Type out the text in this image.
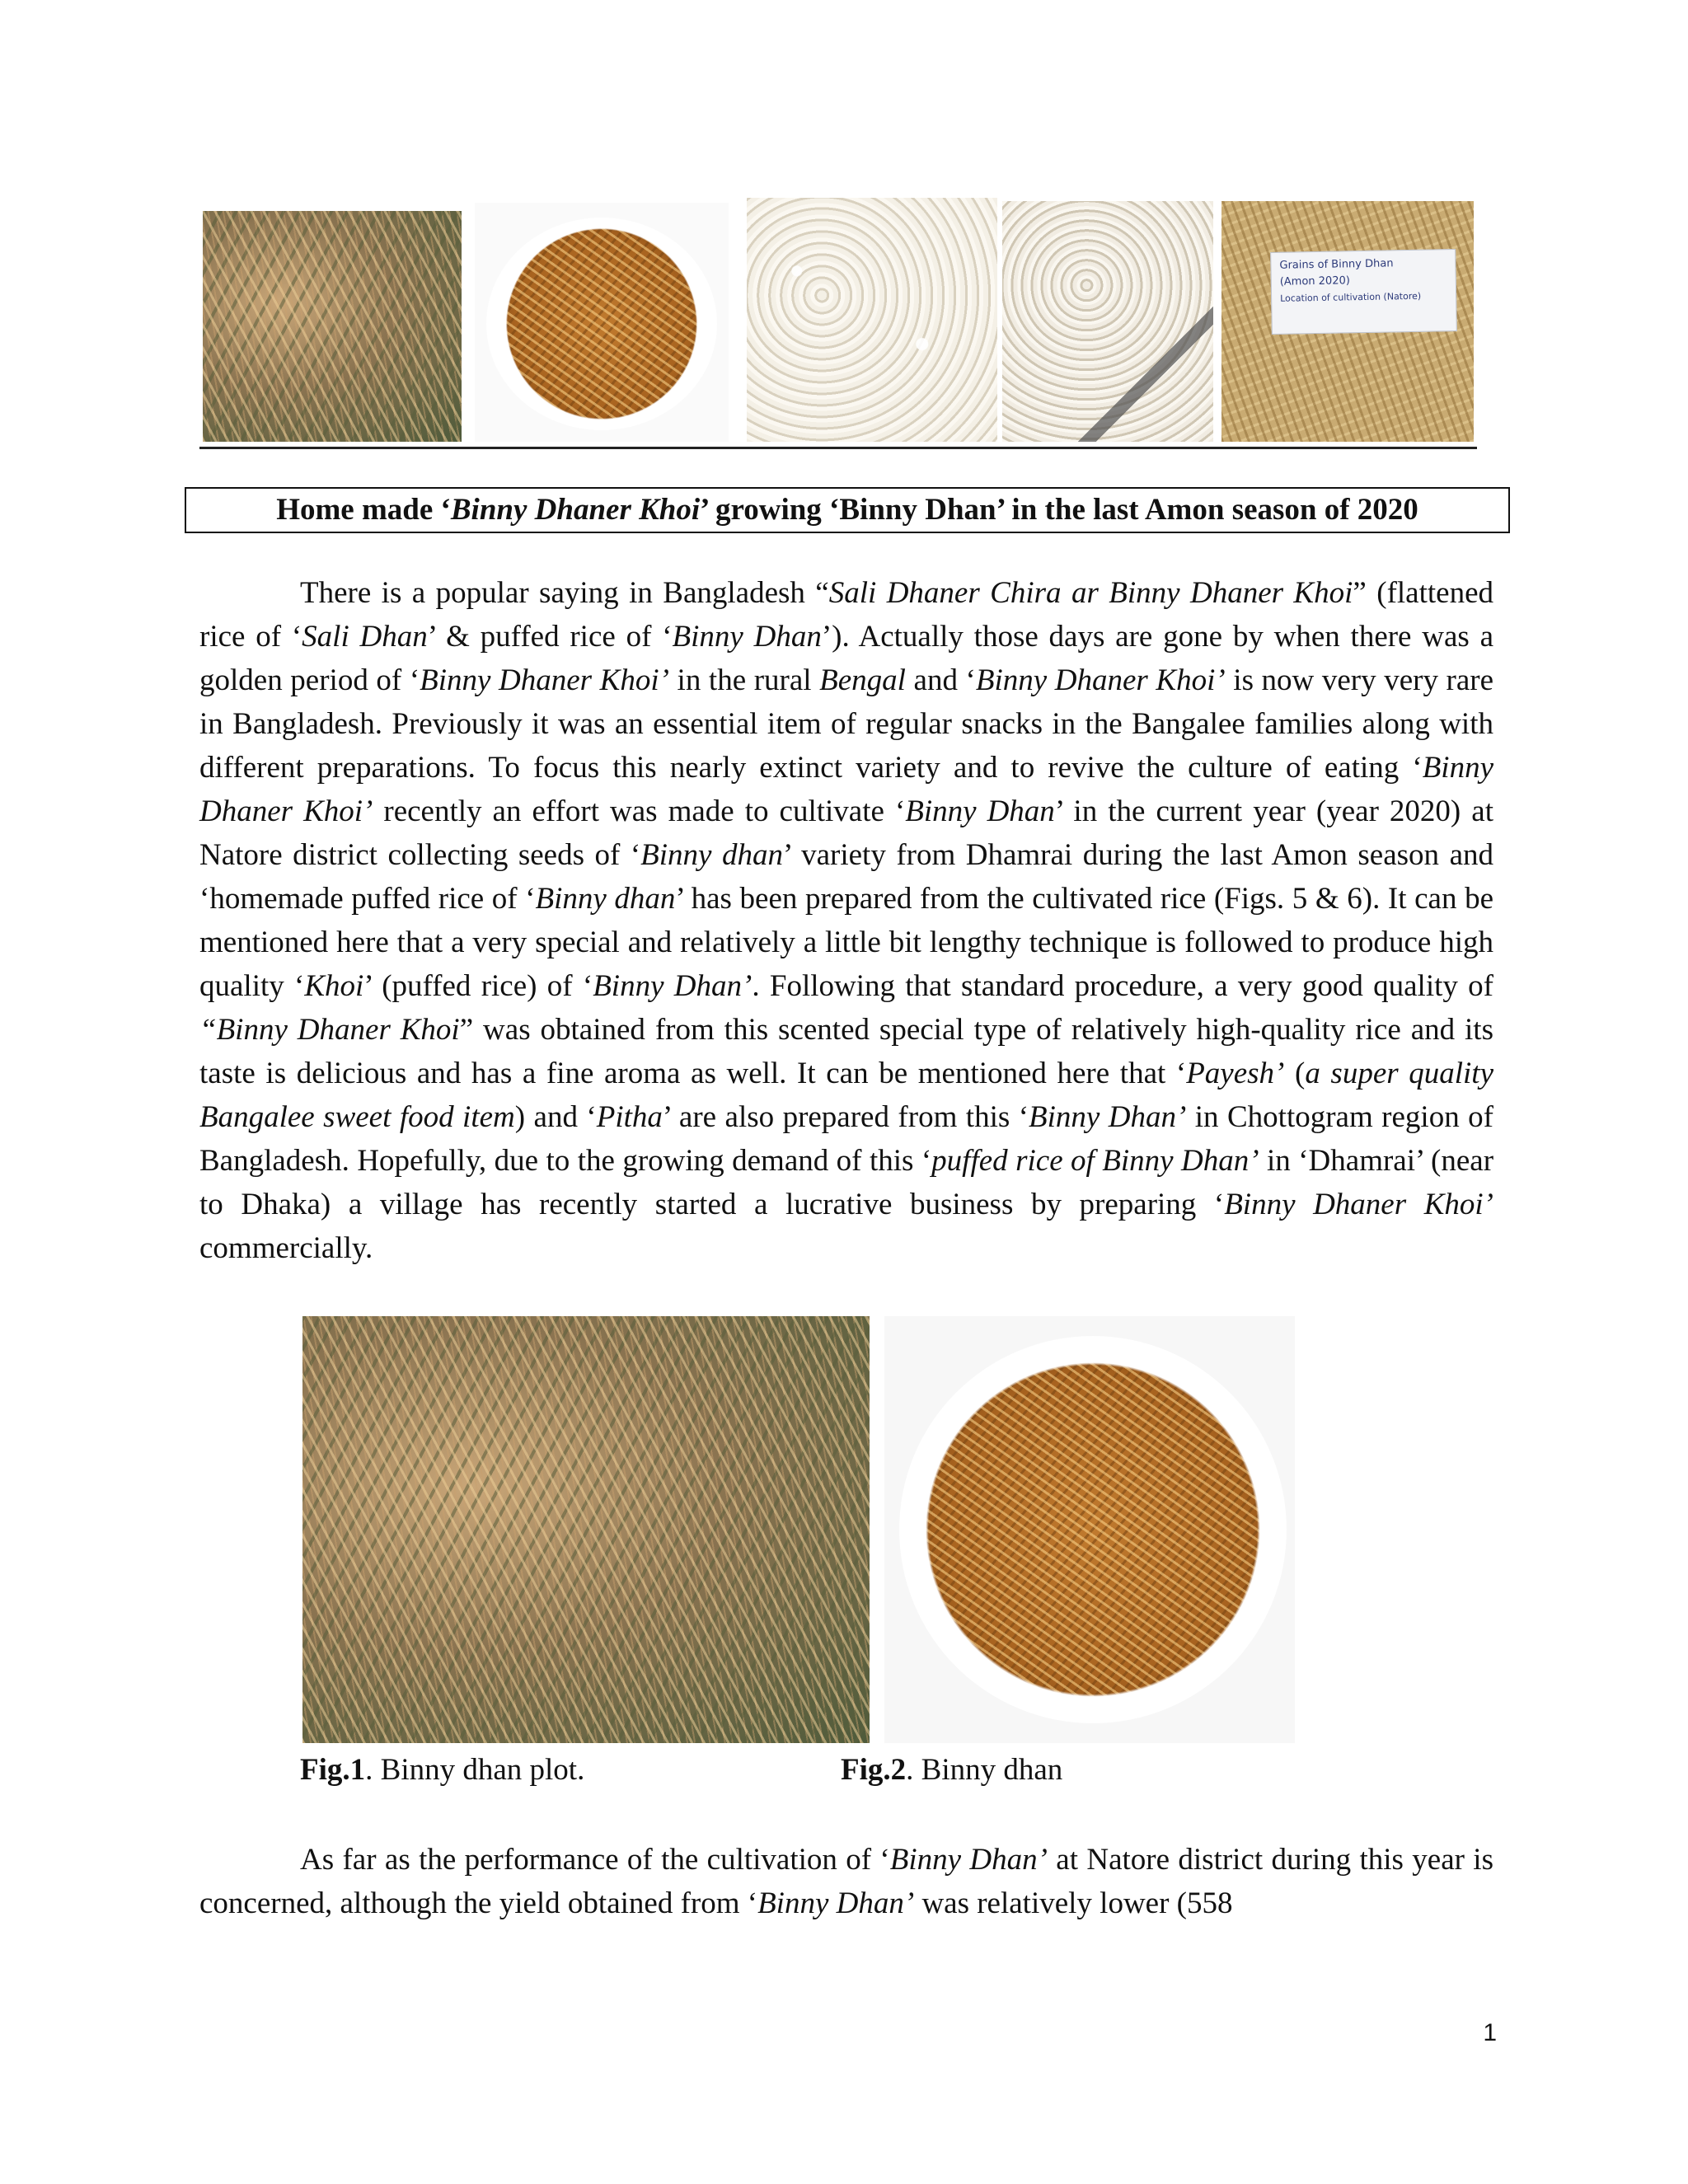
Grains of Binny Dhan
(Amon 2020)
Location of cultivation (Natore)
Home made ‘Binny Dhaner Khoi’ growing ‘Binny Dhan’ in the last Amon season of 2020
There is a popular saying in Bangladesh “Sali Dhaner Chira ar Binny Dhaner Khoi” (flattened rice of ‘Sali Dhan’ & puffed rice of ‘Binny Dhan’). Actually those days are gone by when there was a golden period of ‘Binny Dhaner Khoi’ in the rural Bengal and ‘Binny Dhaner Khoi’ is now very very rare in Bangladesh. Previously it was an essential item of regular snacks in the Bangalee families along with different preparations. To focus this nearly extinct variety and to revive the culture of eating ‘Binny Dhaner Khoi’ recently an effort was made to cultivate ‘Binny Dhan’ in the current year (year 2020) at Natore district collecting seeds of ‘Binny dhan’ variety from Dhamrai during the last Amon season and ‘homemade puffed rice of ‘Binny dhan’ has been prepared from the cultivated rice (Figs. 5 & 6). It can be mentioned here that a very special and relatively a little bit lengthy technique is followed to produce high quality ‘Khoi’ (puffed rice) of ‘Binny Dhan’. Following that standard procedure, a very good quality of “Binny Dhaner Khoi” was obtained from this scented special type of relatively high-quality rice and its taste is delicious and has a fine aroma as well. It can be mentioned here that ‘Payesh’ (a super quality Bangalee sweet food item) and ‘Pitha’ are also prepared from this ‘Binny Dhan’ in Chottogram region of Bangladesh. Hopefully, due to the growing demand of this ‘puffed rice of Binny Dhan’ in ‘Dhamrai’ (near to Dhaka) a village has recently started a lucrative business by preparing ‘Binny Dhaner Khoi’ commercially.
Fig.1. Binny dhan plot.	Fig.2. Binny dhan
As far as the performance of the cultivation of ‘Binny Dhan’ at Natore district during this year is concerned, although the yield obtained from ‘Binny Dhan’ was relatively lower (558
1
